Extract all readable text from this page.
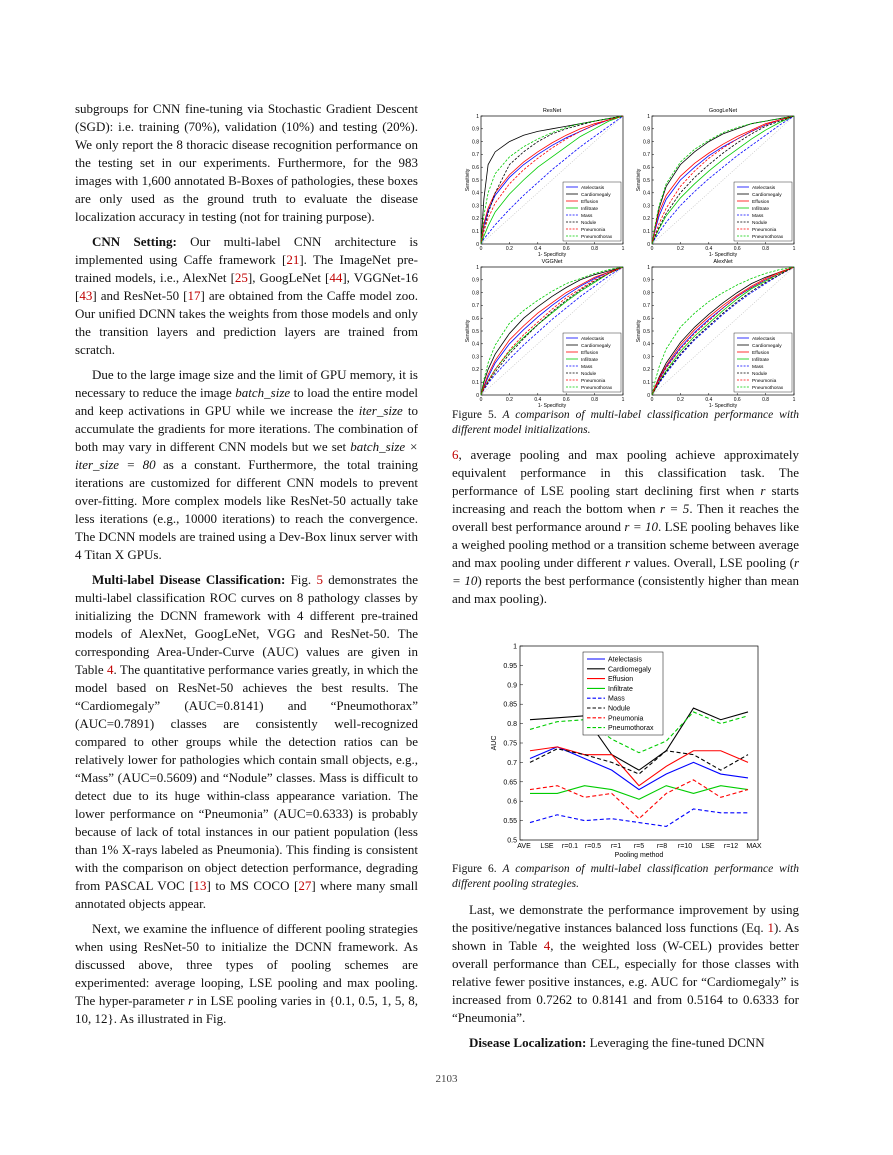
subgroups for CNN fine-tuning via Stochastic Gradient Descent (SGD): i.e. training (70%), validation (10%) and testing (20%). We only report the 8 thoracic disease recognition performance on the testing set in our experiments. Furthermore, for the 983 images with 1,600 annotated B-Boxes of pathologies, these boxes are only used as the ground truth to evaluate the disease localization accuracy in testing (not for training purpose).

CNN Setting: Our multi-label CNN architecture is implemented using Caffe framework [21]. The ImageNet pre-trained models, i.e., AlexNet [25], GoogLeNet [44], VGGNet-16 [43] and ResNet-50 [17] are obtained from the Caffe model zoo. Our unified DCNN takes the weights from those models and only the transition layers and prediction layers are trained from scratch.

Due to the large image size and the limit of GPU memory, it is necessary to reduce the image batch_size to load the entire model and keep activations in GPU while we increase the iter_size to accumulate the gradients for more iterations. The combination of both may vary in different CNN models but we set batch_size × iter_size = 80 as a constant. Furthermore, the total training iterations are customized for different CNN models to prevent over-fitting. More complex models like ResNet-50 actually take less iterations (e.g., 10000 iterations) to reach the convergence. The DCNN models are trained using a Dev-Box linux server with 4 Titan X GPUs.

Multi-label Disease Classification: Fig. 5 demonstrates the multi-label classification ROC curves on 8 pathology classes by initializing the DCNN framework with 4 different pre-trained models of AlexNet, GoogLeNet, VGG and ResNet-50. The corresponding Area-Under-Curve (AUC) values are given in Table 4. The quantitative performance varies greatly, in which the model based on ResNet-50 achieves the best results. The “Cardiomegaly” (AUC=0.8141) and “Pneumothorax” (AUC=0.7891) classes are consistently well-recognized compared to other groups while the detection ratios can be relatively lower for pathologies which contain small objects, e.g., “Mass” (AUC=0.5609) and “Nodule” classes. Mass is difficult to detect due to its huge within-class appearance variation. The lower performance on “Pneumonia” (AUC=0.6333) is probably because of lack of total instances in our patient population (less than 1% X-rays labeled as Pneumonia). This finding is consistent with the comparison on object detection performance, degrading from PASCAL VOC [13] to MS COCO [27] where many small annotated objects appear.

Next, we examine the influence of different pooling strategies when using ResNet-50 to initialize the DCNN framework. As discussed above, three types of pooling schemes are experimented: average looping, LSE pooling and max pooling. The hyper-parameter r in LSE pooling varies in {0.1, 0.5, 1, 5, 8, 10, 12}. As illustrated in Fig.

ResNet
0	0.2	0.4	0.6	0.8	1
0
0.1
0.2
0.3
0.4
0.5
0.6
0.7
0.8
0.9
1
1- Specificity
Sensitivity	Atelectasis
Cardiomegaly
Effusion
Infiltrate
Mass
Nodule
Pneumonia
Pneumothorax
GoogLeNet
0	0.2	0.4	0.6	0.8	1
0
0.1
0.2
0.3
0.4
0.5
0.6
0.7
0.8
0.9
1
1- Specificity
Sensitivity	Atelectasis
Cardiomegaly
Effusion
Infiltrate
Mass
Nodule
Pneumonia
Pneumothorax
VGGNet
0	0.2	0.4	0.6	0.8	1
0
0.1
0.2
0.3
0.4
0.5
0.6
0.7
0.8
0.9
1
1- Specificity
Sensitivity	Atelectasis
Cardiomegaly
Effusion
Infiltrate
Mass
Nodule
Pneumonia
Pneumothorax
AlexNet
0	0.2	0.4	0.6	0.8	1
0
0.1
0.2
0.3
0.4
0.5
0.6
0.7
0.8
0.9
1
1- Specificity
Sensitivity	Atelectasis
Cardiomegaly
Effusion
Infiltrate
Mass
Nodule
Pneumonia
Pneumothorax

Figure 5. A comparison of multi-label classification performance with different model initializations.

6, average pooling and max pooling achieve approximately equivalent performance in this classification task. The performance of LSE pooling start declining first when r starts increasing and reach the bottom when r = 5. Then it reaches the overall best performance around r = 10. LSE pooling behaves like a weighed pooling method or a transition scheme between average and max pooling under different r values. Overall, LSE pooling (r = 10) reports the best performance (consistently higher than mean and max pooling).

0.5
0.55
0.6
0.65
0.7
0.75
0.8
0.85
0.9
0.95
1
AVE LSE r=0.1 r=0.5 r=1 r=5 r=8 r=10 LSE r=12 MAX
Pooling method
AUC
Atelectasis
Cardiomegaly
Effusion
Infiltrate
Mass
Nodule
Pneumonia
Pneumothorax

Figure 6. A comparison of multi-label classification performance with different pooling strategies.

Last, we demonstrate the performance improvement by using the positive/negative instances balanced loss functions (Eq. 1). As shown in Table 4, the weighted loss (W-CEL) provides better overall performance than CEL, especially for those classes with relative fewer positive instances, e.g. AUC for “Cardiomegaly” is increased from 0.7262 to 0.8141 and from 0.5164 to 0.6333 for “Pneumonia”.

Disease Localization: Leveraging the fine-tuned DCNN

2103
